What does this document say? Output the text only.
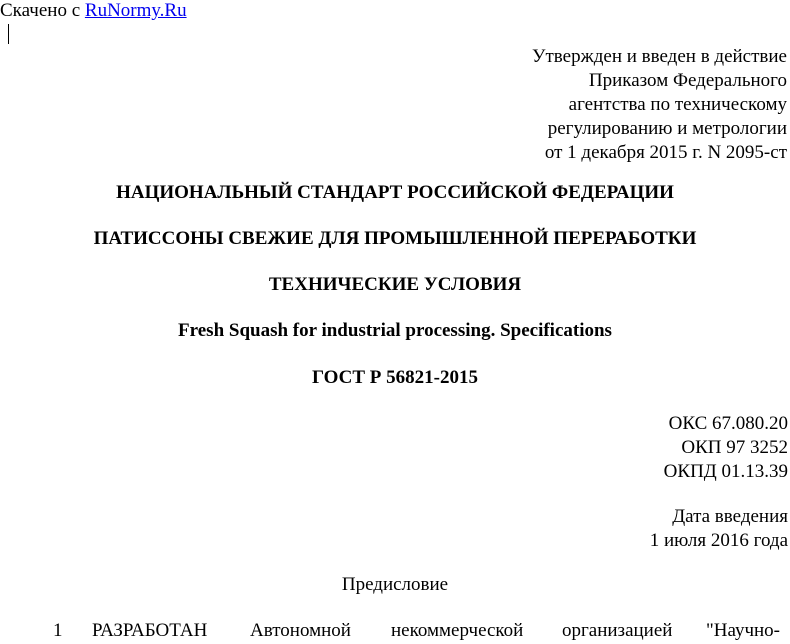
Скачено с RuNormy.Ru
Утвержден и введен в действие
Приказом Федерального
агентства по техническому
регулированию и метрологии
от 1 декабря 2015 г. N 2095-ст
НАЦИОНАЛЬНЫЙ СТАНДАРТ РОССИЙСКОЙ ФЕДЕРАЦИИ
ПАТИССОНЫ СВЕЖИЕ ДЛЯ ПРОМЫШЛЕННОЙ ПЕРЕРАБОТКИ
ТЕХНИЧЕСКИЕ УСЛОВИЯ
Fresh Squash for industrial processing. Specifications
ГОСТ Р 56821-2015
ОКС 67.080.20
ОКП 97 3252
ОКПД 01.13.39
Дата введения
1 июля 2016 года
Предисловие
1 РАЗРАБОТАН Автономной некоммерческой организацией "Научно-
